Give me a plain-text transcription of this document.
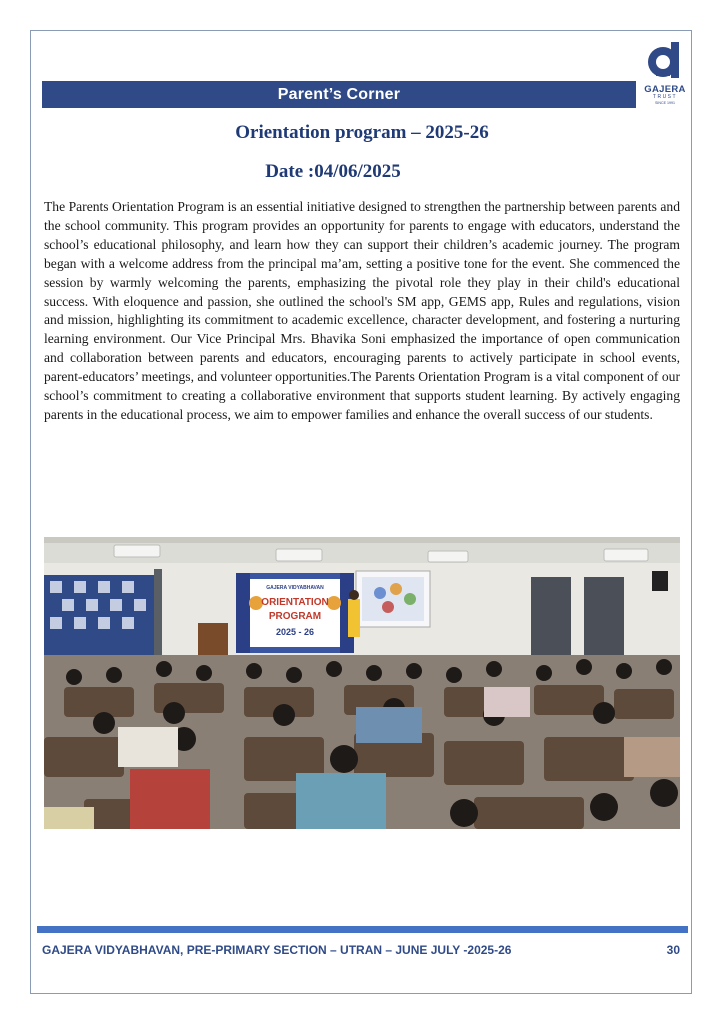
Parent’s Corner	GAJERA
TRUST
SINCE 1991
Orientation program – 2025-26
Date :04/06/2025
The Parents Orientation Program is an essential initiative designed to strengthen the partnership between parents and the school community. This program provides an opportunity for parents to engage with educators, understand the school’s educational philosophy, and learn how they can support their children’s academic journey. The program began with a welcome address from the principal ma’am, setting a positive tone for the event. She commenced the session by warmly welcoming the parents, emphasizing the pivotal role they play in their child's educational success. With eloquence and passion, she outlined the school's SM app, GEMS app, Rules and regulations, vision and mission, highlighting its commitment to academic excellence, character development, and fostering a nurturing learning environment. Our Vice Principal Mrs. Bhavika Soni emphasized the importance of open communication and collaboration between parents and educators, encouraging parents to actively participate in school events, parent-educators’ meetings, and volunteer opportunities.The Parents Orientation Program is a vital component of our school’s commitment to creating a collaborative environment that supports student learning. By actively engaging parents in the educational process, we aim to empower families and enhance the overall success of our students.
GAJERA VIDYABHAVAN
ORIENTATION
PROGRAM
2025 - 26
GAJERA VIDYABHAVAN, PRE-PRIMARY SECTION – UTRAN – JUNE JULY -2025-26	30
